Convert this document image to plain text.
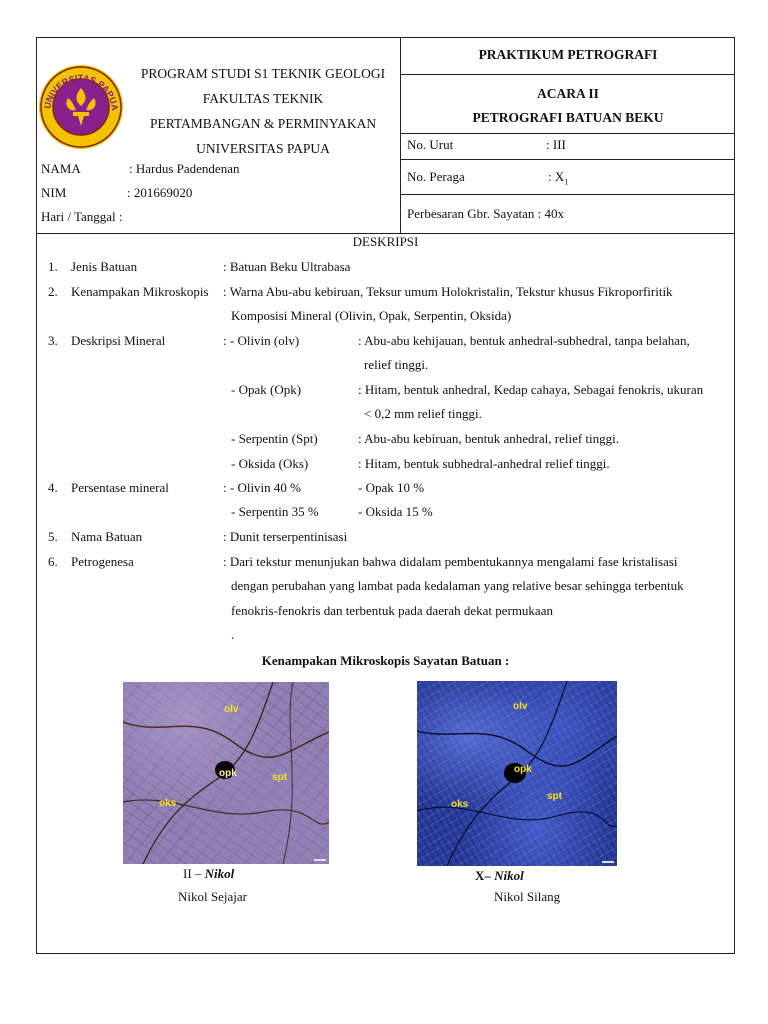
UNIVERSITAS PAPUA
PROGRAM STUDI S1 TEKNIK GEOLOGI
FAKULTAS TEKNIK
PERTAMBANGAN & PERMINYAKAN
UNIVERSITAS PAPUA
NAMA	: Hardus Padendenan
NIM	: 201669020
Hari / Tanggal :
PRAKTIKUM PETROGRAFI
ACARA II
PETROGRAFI BATUAN BEKU
No. Urut	: III
No. Peraga	: $X_1$
Perbesaran Gbr. Sayatan : 40x
DESKRIPSI
1. Jenis Batuan	: Batuan Beku Ultrabasa
2. Kenampakan Mikroskopis : Warna Abu-abu kebiruan, Teksur umum Holokristalin, Tekstur khusus Fikroporfiritik
Komposisi Mineral (Olivin, Opak, Serpentin, Oksida)
3. Deskripsi Mineral	: - Olivin (olv)	: Abu-abu kehijauan, bentuk anhedral-subhedral, tanpa belahan,
relief tinggi.
- Opak (Opk)	: Hitam, bentuk anhedral, Kedap cahaya, Sebagai fenokris, ukuran
< 0,2 mm relief tinggi.
- Serpentin (Spt)	: Abu-abu kebiruan, bentuk anhedral, relief tinggi.
- Oksida (Oks)	: Hitam, bentuk subhedral-anhedral relief tinggi.
4. Persentase mineral	: - Olivin 40 %	- Opak 10 %
- Serpentin 35 %	- Oksida 15 %
5. Nama Batuan	: Dunit terserpentinisasi
6. Petrogenesa	: Dari tekstur menunjukan bahwa didalam pembentukannya mengalami fase kristalisasi
dengan perubahan yang lambat pada kedalaman yang relative besar sehingga terbentuk
fenokris-fenokris dan terbentuk pada daerah dekat permukaan
.
Kenampakan Mikroskopis Sayatan Batuan :
olv
opk	spt
oks
olv
opk
spt
oks
II – Nikol
Nikol Sejajar
X– Nikol
Nikol Silang
